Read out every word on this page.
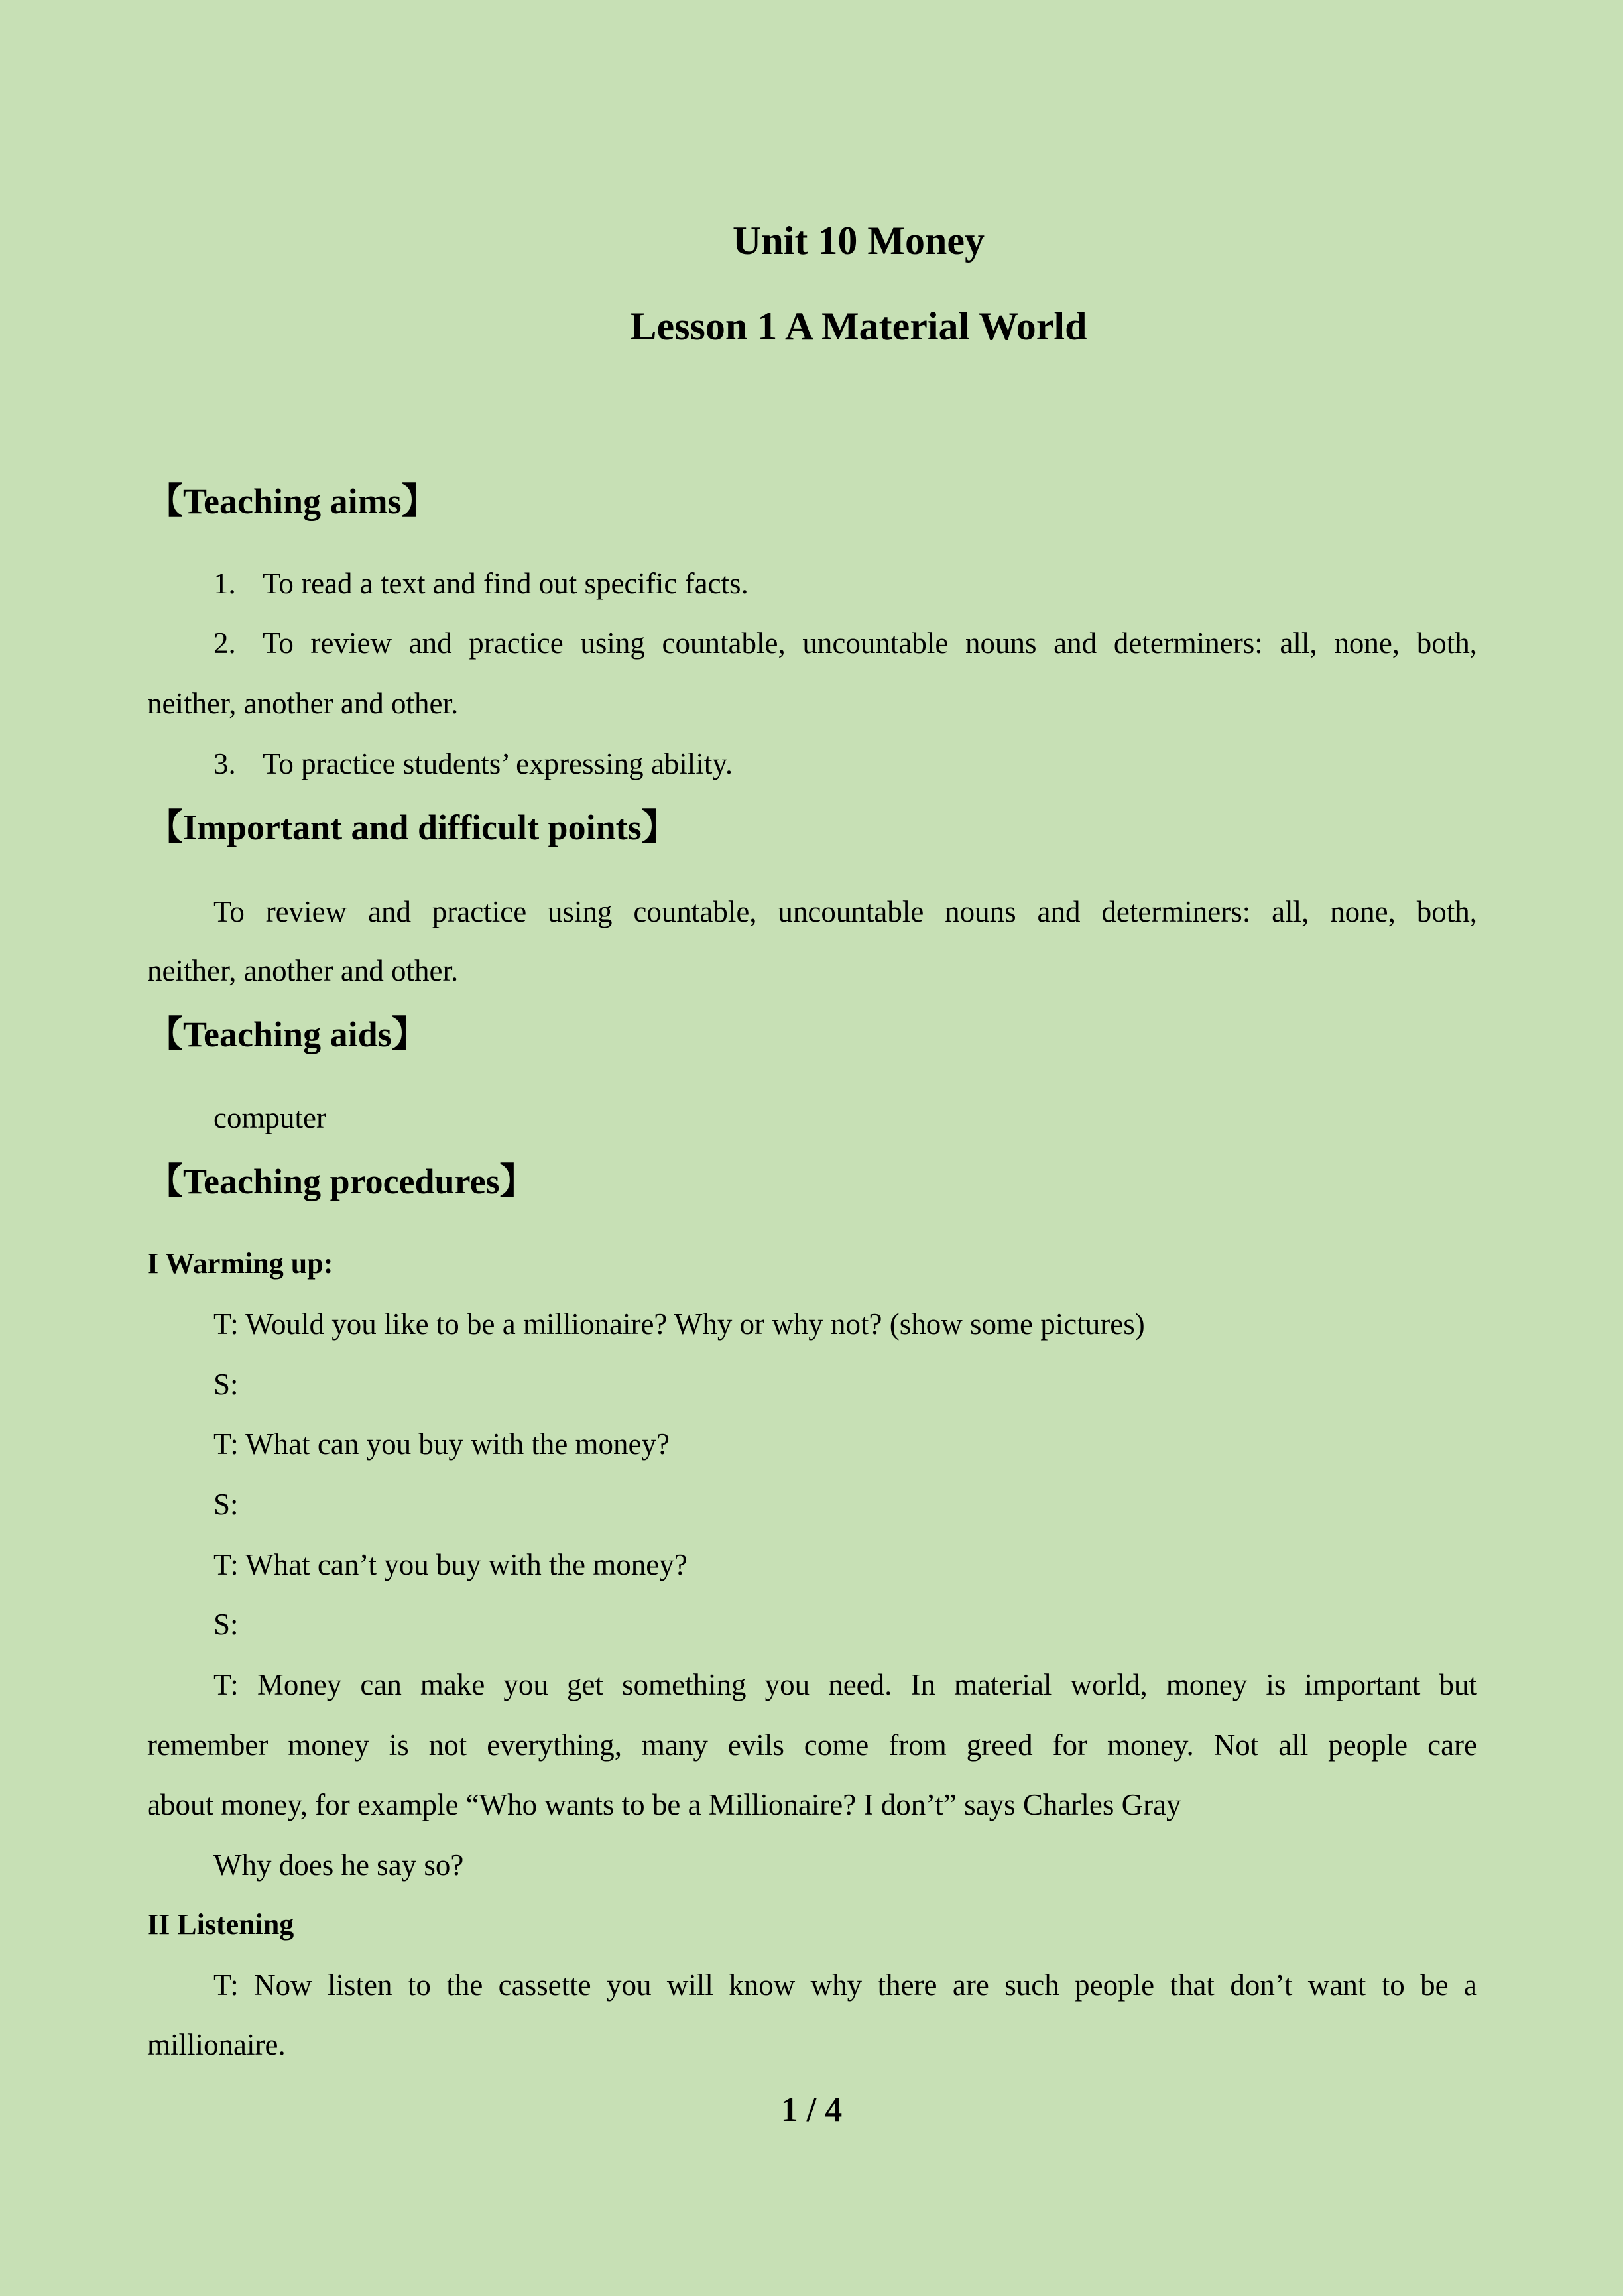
Unit 10 Money
Lesson 1 A Material World
【Teaching aims】
1. To read a text and find out specific facts.
2. To review and practice using countable, uncountable nouns and determiners: all, none, both,
neither, another and other.
3. To practice students’ expressing ability.
【Important and difficult points】
To review and practice using countable, uncountable nouns and determiners: all, none, both,
neither, another and other.
【Teaching aids】
computer
【Teaching procedures】
I Warming up:
T: Would you like to be a millionaire? Why or why not? (show some pictures)
S:
T: What can you buy with the money?
S:
T: What can’t you buy with the money?
S:
T: Money can make you get something you need. In material world, money is important but
remember money is not everything, many evils come from greed for money. Not all people care
about money, for example “Who wants to be a Millionaire? I don’t” says Charles Gray
Why does he say so?
II Listening
T: Now listen to the cassette you will know why there are such people that don’t want to be a
millionaire.
1 / 4
